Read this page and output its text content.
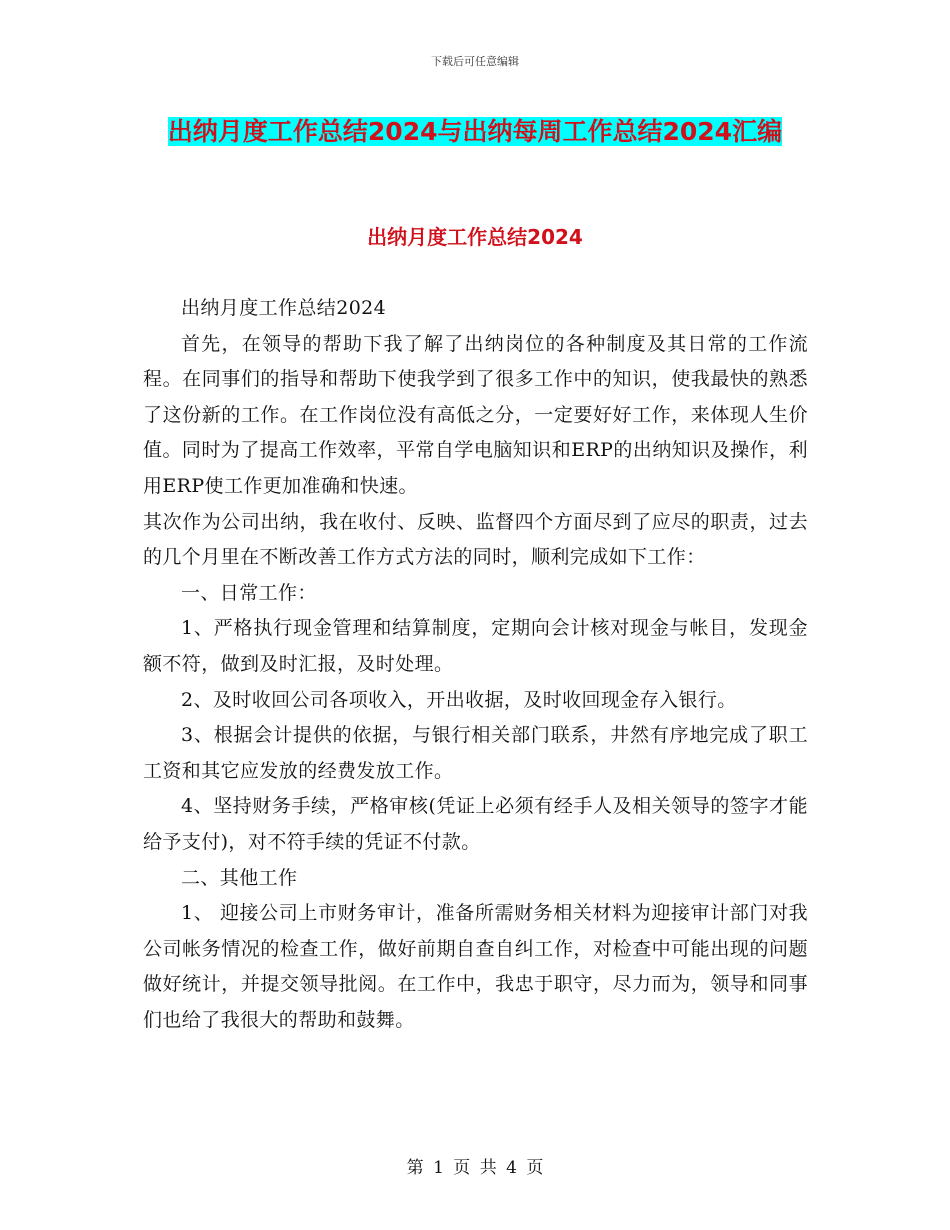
下载后可任意编辑
出纳月度工作总结2024与出纳每周工作总结2024汇编
出纳月度工作总结2024

出纳月度工作总结2024

首先，在领导的帮助下我了解了出纳岗位的各种制度及其日常的工作流程。在同事们的指导和帮助下使我学到了很多工作中的知识，使我最快的熟悉了这份新的工作。在工作岗位没有高低之分，一定要好好工作，来体现人生价值。同时为了提高工作效率，平常自学电脑知识和ERP的出纳知识及操作，利用ERP使工作更加准确和快速。

其次作为公司出纳，我在收付、反映、监督四个方面尽到了应尽的职责，过去的几个月里在不断改善工作方式方法的同时，顺利完成如下工作：

一、日常工作：

1、严格执行现金管理和结算制度，定期向会计核对现金与帐目，发现金额不符，做到及时汇报，及时处理。

2、及时收回公司各项收入，开出收据，及时收回现金存入银行。

3、根据会计提供的依据，与银行相关部门联系，井然有序地完成了职工工资和其它应发放的经费发放工作。

4、坚持财务手续，严格审核(凭证上必须有经手人及相关领导的签字才能给予支付)，对不符手续的凭证不付款。

二、其他工作

1、 迎接公司上市财务审计，准备所需财务相关材料为迎接审计部门对我公司帐务情况的检查工作，做好前期自查自纠工作，对检查中可能出现的问题做好统计，并提交领导批阅。在工作中，我忠于职守，尽力而为，领导和同事们也给了我很大的帮助和鼓舞。

第 1 页 共 4 页
